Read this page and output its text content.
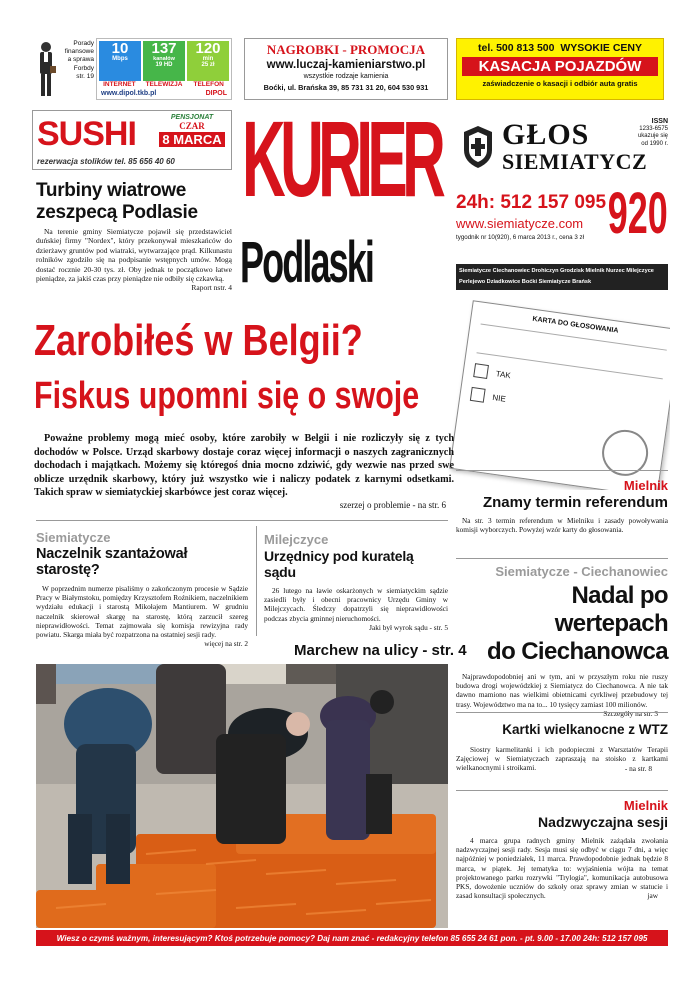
Porady
finansowe
a sprawa
Forbdy
str. 19
10
Mbps
137
kanałów
19 HD
120
min
25 zł
INTERNET	TELEWIZJA	TELEFON
www.dipol.tkb.pl	DIPOL
NAGROBKI - PROMOCJA
www.luczaj-kamieniarstwo.pl
wszystkie rodzaje kamienia
Boćki, ul. Brańska 39, 85 731 31 20, 604 530 931
tel. 500 813 500 WYSOKIE CENY
KASACJA POJAZDÓW
zaświadczenie o kasacji i odbiór auta gratis
SUSHI	PENSJONAT
CZAR
8 MARCA
rezerwacja stolików tel. 85 656 40 60 KURIER
Podlaski
GŁOS
SIEMIATYCZ
ISSN
1233-6575
ukazuje się
od 1990 r.
24h: 512 157 095
www.siemiatycze.com 920
tygodnik nr 10(920), 6 marca 2013 r., cena 3 zł
Siemiatycze Ciechanowiec Drohiczyn Grodzisk Mielnik Nurzec Milejczyce
Perlejewo Dziadkowice Boćki Siemiatycze Brańsk
Turbiny wiatrowe
zeszpecą Podlasie
Na terenie gminy Siemiatycze pojawił się przedstawiciel duńskiej firmy "Nordex", który przekonywał mieszkańców do dzierżawy gruntów pod wiatraki, wytwarzające prąd. Kilkunastu rolników zgodziło się na podpisanie wstępnych umów. Mogą dostać rocznie 20-30 tys. zł. Oby jednak te początkowo łatwe pieniądze, za jakiś czas przy pieniądze nie odbiły się czkawką.
Raport nstr. 4
Zarobiłeś w Belgii?
Fiskus upomni się o swoje
KARTA DO GŁOSOWANIA
TAK
NIE
Poważne problemy mogą mieć osoby, które zarobiły w Belgii i nie rozliczyły się z tych dochodów w Polsce. Urząd skarbowy dostaje coraz więcej informacji o naszych zagranicznych dochodach i majątkach. Możemy się któregoś dnia mocno zdziwić, gdy wezwie nas przed swe oblicze urzędnik skarbowy, który już wszystko wie i naliczy podatek z karnymi odsetkami. Takich spraw w siemiatyckiej skarbówce jest coraz więcej.
szerzej o problemie - na str. 6
Mielnik
Znamy termin referendum
Na str. 3 termin referendum w Mielniku i zasady powoływania komisji wyborczych. Powyżej wzór karty do głosowania.
Siemiatycze
Naczelnik szantażował starostę?
W poprzednim numerze pisaliśmy o zakończonym procesie w Sądzie Pracy w Białymstoku, pomiędzy Krzysztofem Roźnikiem, naczelnikiem wydziału edukacji i starostą Mikołajem Mantiurem. W grudniu naczelnik skierował skargę na starostę, którą zarzucił szereg nieprawidłowości. Temat zajmowała się komisja rewizyjna rady powiatu. Skarga miała być rozpatrzona na ostatniej sesji rady.
więcej na str. 2
Milejczyce
Urzędnicy pod kuratelą sądu
26 lutego na ławie oskarżonych w siemiatyckim sądzie zasiedli były i obecni pracownicy Urzędu Gminy w Milejczycach. Śledczy dopatrzyli się nieprawidłowości podczas zbycia gminnej nieruchomości.
Jaki był wyrok sądu - str. 5
Siemiatycze - Ciechanowiec
Nadal po wertepach
do Ciechanowca
Najprawdopodobniej ani w tym, ani w przyszłym roku nie ruszy budowa drogi wojewódzkiej z Siemiatycz do Ciechanowca. A nie tak dawno mamiono nas wielkimi obietnicami cyrkliwej przebudowy tej trasy. Województwo ma na to... 10 tysięcy zamiast 100 milionów.
Szczegóły na str. 3
Marchew na ulicy - str. 4
Kartki wielkanocne z WTZ
Siostry karmelitanki i ich podopieczni z Warsztatów Terapii Zajęciowej w Siemiatyczach zapraszają na stoisko z kartkami wielkanocnymi i stroikami.	- na str. 8
Mielnik
Nadzwyczajna sesji
4 marca grupa radnych gminy Mielnik zażądała zwołania nadzwyczajnej sesji rady. Sesja musi się odbyć w ciągu 7 dni, a więc najpóźniej w poniedziałek, 11 marca. Prawdopodobnie jednak będzie 8 marca, w piątek. Jej tematyka to: wyjaśnienia wójta na temat projektowanego parku rozrywki "Trylogia", komunikacja autobusowa PKS, dowożenie uczniów do szkoły oraz sprawy zmian w statucie i zasad konsultacji społecznych.	jaw
Wiesz o czymś ważnym, interesującym? Ktoś potrzebuje pomocy? Daj nam znać - redakcyjny telefon 85 655 24 61 pon. - pt. 9.00 - 17.00 24h: 512 157 095
